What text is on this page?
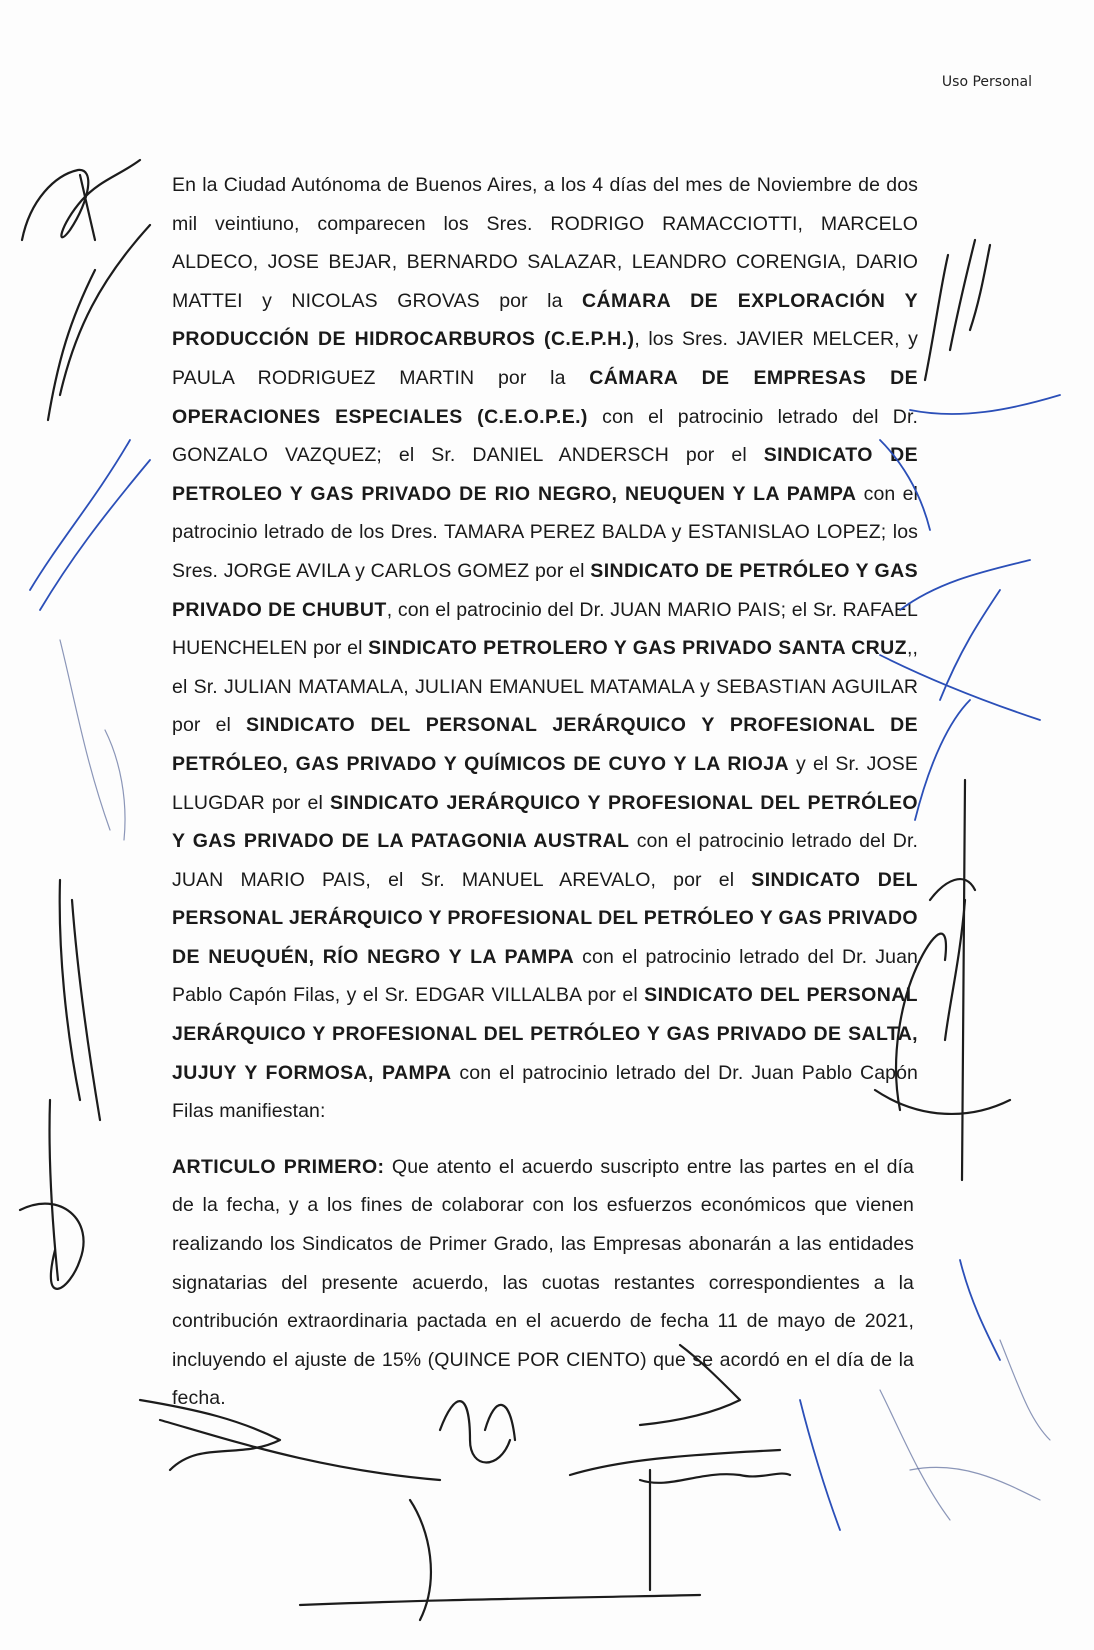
Uso Personal

En la Ciudad Autónoma de Buenos Aires, a los 4 días del mes de Noviembre de dos mil veintiuno, comparecen los Sres. RODRIGO RAMACCIOTTI, MARCELO ALDECO, JOSE BEJAR, BERNARDO SALAZAR, LEANDRO CORENGIA, DARIO MATTEI y NICOLAS GROVAS por la CÁMARA DE EXPLORACIÓN Y PRODUCCIÓN DE HIDROCARBUROS (C.E.P.H.), los Sres. JAVIER MELCER, y PAULA RODRIGUEZ MARTIN por la CÁMARA DE EMPRESAS DE OPERACIONES ESPECIALES (C.E.O.P.E.) con el patrocinio letrado del Dr. GONZALO VAZQUEZ; el Sr. DANIEL ANDERSCH por el SINDICATO DE PETROLEO Y GAS PRIVADO DE RIO NEGRO, NEUQUEN Y LA PAMPA con el patrocinio letrado de los Dres. TAMARA PEREZ BALDA y ESTANISLAO LOPEZ; los Sres. JORGE AVILA y CARLOS GOMEZ por el SINDICATO DE PETRÓLEO Y GAS PRIVADO DE CHUBUT, con el patrocinio del Dr. JUAN MARIO PAIS; el Sr. RAFAEL HUENCHELEN por el SINDICATO PETROLERO Y GAS PRIVADO SANTA CRUZ,, el Sr. JULIAN MATAMALA, JULIAN EMANUEL MATAMALA y SEBASTIAN AGUILAR por el SINDICATO DEL PERSONAL JERÁRQUICO Y PROFESIONAL DE PETRÓLEO, GAS PRIVADO Y QUÍMICOS DE CUYO Y LA RIOJA y el Sr. JOSE LLUGDAR por el SINDICATO JERÁRQUICO Y PROFESIONAL DEL PETRÓLEO Y GAS PRIVADO DE LA PATAGONIA AUSTRAL con el patrocinio letrado del Dr. JUAN MARIO PAIS, el Sr. MANUEL AREVALO, por el SINDICATO DEL PERSONAL JERÁRQUICO Y PROFESIONAL DEL PETRÓLEO Y GAS PRIVADO DE NEUQUÉN, RÍO NEGRO Y LA PAMPA con el patrocinio letrado del Dr. Juan Pablo Capón Filas, y el Sr. EDGAR VILLALBA por el SINDICATO DEL PERSONAL JERÁRQUICO Y PROFESIONAL DEL PETRÓLEO Y GAS PRIVADO DE SALTA, JUJUY Y FORMOSA, PAMPA con el patrocinio letrado del Dr. Juan Pablo Capón Filas manifiestan:

ARTICULO PRIMERO: Que atento el acuerdo suscripto entre las partes en el día de la fecha, y a los fines de colaborar con los esfuerzos económicos que vienen realizando los Sindicatos de Primer Grado, las Empresas abonarán a las entidades signatarias del presente acuerdo, las cuotas restantes correspondientes a la contribución extraordinaria pactada en el acuerdo de fecha 11 de mayo de 2021, incluyendo el ajuste de 15% (QUINCE POR CIENTO) que se acordó en el día de la fecha.
